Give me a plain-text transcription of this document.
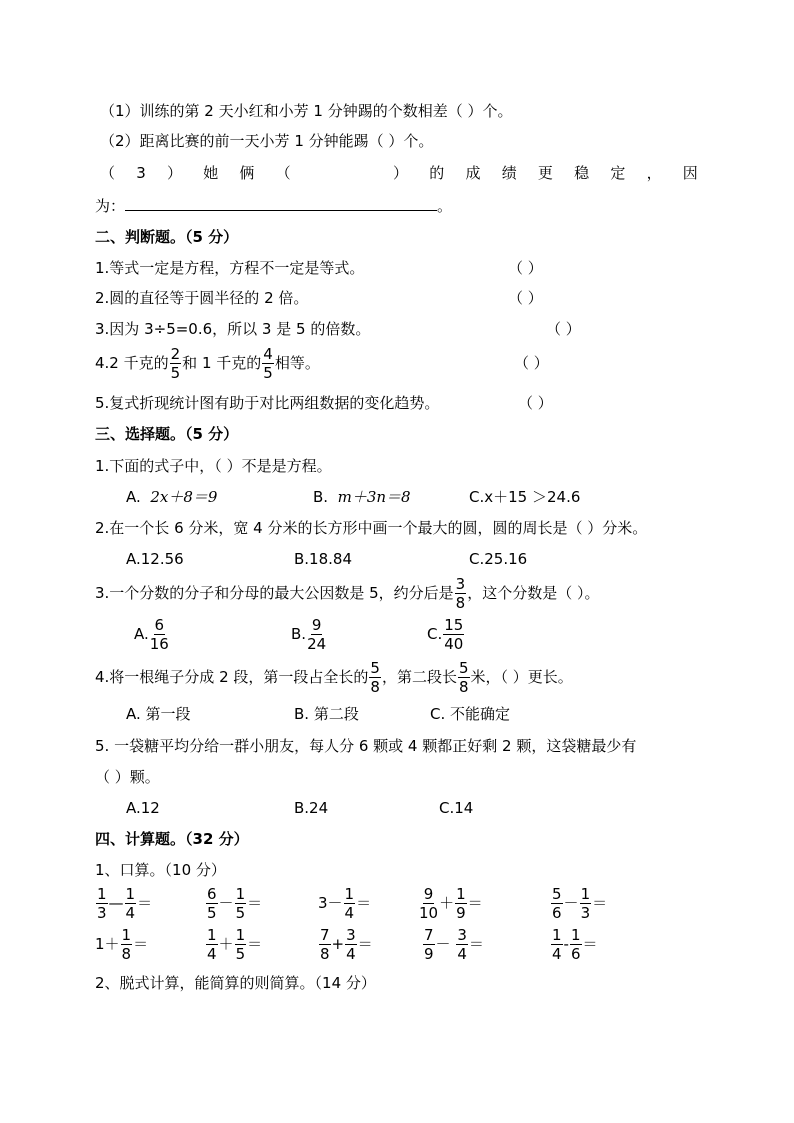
（1）训练的第 2 天小红和小芳 1 分钟踢的个数相差（ ）个。
（2）距离比赛的前一天小芳 1 分钟能踢（ ）个。
（ 3 ） 她 俩 （	） 的 成 绩 更 稳 定 ， 因
为：	。
二、判断题。（5 分）
1.等式一定是方程，方程不一定是等式。	（ ）
2.圆的直径等于圆半径的 2 倍。	（ ）
3.因为 3÷5=0.6，所以 3 是 5 的倍数。	（ ）
4.2 千克的 $\frac{2}{5}$ 和 1 千克的 $\frac{4}{5}$ 相等。	（ ）
5.复式折现统计图有助于对比两组数据的变化趋势。	（ ）
三、选择题。（5 分）
1.下面的式子中，（ ）不是是方程。
A. 2x＋8＝9	B. m＋3n＝8	C.x＋15 ＞24.6
2.在一个长 6 分米，宽 4 分米的长方形中画一个最大的圆，圆的周长是（ ）分米。
A.12.56	B.18.84	C.25.16
3.一个分数的分子和分母的最大公因数是 5，约分后是 $\frac{3}{8}$ ，这个分数是（ ）。
A. $\frac{6}{16}$	B. $\frac{9}{24}$	C. $\frac{15}{40}$
4.将一根绳子分成 2 段，第一段占全长的 $\frac{5}{8}$ ，第二段长 $\frac{5}{8}$ 米，（ ）更长。
A. 第一段	B. 第二段	C. 不能确定
5. 一袋糖平均分给一群小朋友，每人分 6 颗或 4 颗都正好剩 2 颗，这袋糖最少有
（ ）颗。
A.12	B.24	C.14
四、计算题。（32 分）
1、口算。（10 分）
$\frac{1}{3}$ — $\frac{1}{4}$ ＝	$\frac{6}{5} - \frac{1}{5}$ ＝	$3- \frac{1}{4}$ ＝	$\frac{9}{10} + \frac{1}{9}$ ＝	$\frac{5}{6} - \frac{1}{3}$ ＝
$1+ \frac{1}{8}$ ＝	$\frac{1}{4} + \frac{1}{5}$ ＝	$\frac{7}{8} + \frac{3}{4}$ ＝	$\frac{7}{9} - \frac{3}{4}$ ＝	$\frac{1}{4} - \frac{1}{6}$ ＝
2、脱式计算，能简算的则简算。（14 分）
